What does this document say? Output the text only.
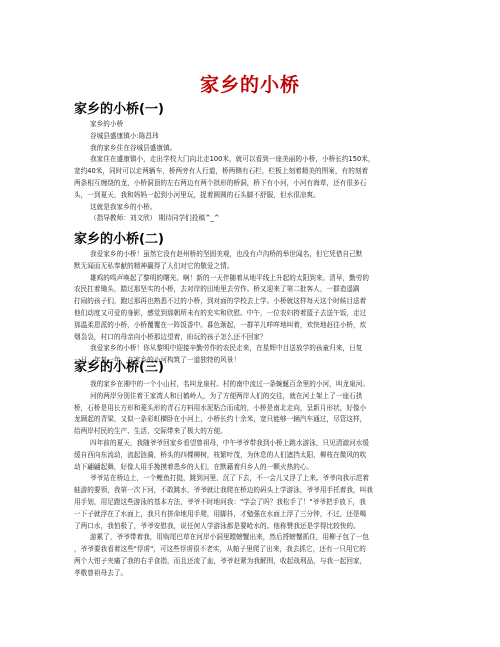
家乡的小桥
家乡的小桥(一)
家乡的小桥
谷城县盛康镇小:陈昌玮
我的家乡住在谷城县盛康镇。
我家住在盛康镇小，走出学校大门向北走100米，就可以看到一座美丽的小桥，小桥长约150米，
宽约40米，同时可以走两辆车，桥两旁有人行道，桥两侧有石栏，栏板上刻着精美的图案，有的刻着
两条相互缠绕的龙，小桥洞顶的左右两边有两个拱形的桥洞，桥下有小河，小河有海草，还有很多石
头，一到夏天，我和妈妈一起到小河里玩，捉着圆圆的石头脚不舒服，但水很凉爽。
这就是我家乡的小桥。
（指导教师：刘文欣） 期待同学们投稿^_^
家乡的小桥(二)
我爱家乡的小桥！虽然它没有赵州桥的坚固美观，也没有卢沟桥的举世闻名，但它凭借自己默
默无闻而无私奉献的精神赢得了人们对它的敬爱之情。
雄鸡的鸣声唤起了黎明的曙光。啊！新的一天伴随着从地平线上升起的太阳到来。清早，勤劳的
农民扛着锄头，踏过那坚实的小桥，去对岸的田地里去劳作。桥又迎来了第二批客人，一群造遥蹒
打闹的孩子们，跑过那再也熟悉不过的小桥，到对面的学校去上学。小桥就这样每天这个时候目送着
他们动度又可爱的身影，感觉到那朝所未有的充实和欣慰。中午，一位农妇挎着篮子去送午饭，走过
那温柔恩派的小桥，小桥覆覆在一阵饭香中。暮色渐起，一群羊儿咩咩地叫着，欢快地赶往小桥，炊
烟袅袅，村口的母亲向小桥那边望着，盼玩的孩子怎么还不回家？
我爱家乡的小桥！你从黎明中迎接辛勤劳作的农民走来，在星辉中目送放学的孩童归来，日复
一日，年复一年，在家乡的小河构筑了一道独特的风景！
家乡的小桥(三)
我的家乡在湘中的一个小山村，名叫龙泉村。村的南中流过一条蜿蜒百余里的小河，叫龙泉河。
河的两岸分别住着王家湾人和日鹤岭人，为了方便两岸人们的交往，就在河上架上了一座石拱
桥，石桥是用长方形和菱头形的青石方料用水泥粘合而成的，小桥是南北走向，呈新月形状，好像小
龙顾起的背梁，又似一条彩虹横卧在小河上，小桥长约十余米，宽只能够一辆汽车通过，尽管这样，
给两岸村民的生产、生活，交际带来了极大的方便。
四年前的夏天，我随爷爷回家乡看望曾祖母，中午爷爷带我到小桥上跳水游泳，只见清澈河水缓
缓自西向东流动，流起涟漪，桥头的四棵柳树，枝繁叶茂，为休息的人们遮挡太阳，柳枝在微风的吹
动下翩翩起舞，好像人用手挽摸着患乡的人们，在默藉着归乡人的一颗火热的心。
爷爷站在桥边上，一个鲤鱼打挺，跳到河里，沉了下去，不一会儿又浮了上来。爷爷向我示范着
蛙游的要领，我第一次下河，不敢跳水，爷爷就让我爬在桥边的码头上学游泳，爷爷用手托着我，叫我
用手划，用足蹬这些游泳的基本方法，爷爷不时地问我："学会了吗？我松手了！"爷爷把手放下，我
一下子就浮在了水面上，我只有拼命地用手爬，用脚抖，才勉强在水面上浮了三分钟，不过，还是喝
了两口水，我怕极了，爷爷安慰我，说任何人学游泳都是要呛水的。他称赞我还是学得比较快的。
游累了，爷爷带着我，用购尾巴草在河岸小洞里蹚螃蟹出来，然后捋螃蟹抓住，用柳子包了一包
，爷爷要我看着这些"俘虏"，可这些俘虏很不老实，从帕子里爬了出来，我去抓它，还有一只用它的
两个大钳子夹痛了我的右手食指，而且还流了血，爷爷赶紧为我解围，收起战利品，与我一起回家，
孝敬曾祖母去了。
